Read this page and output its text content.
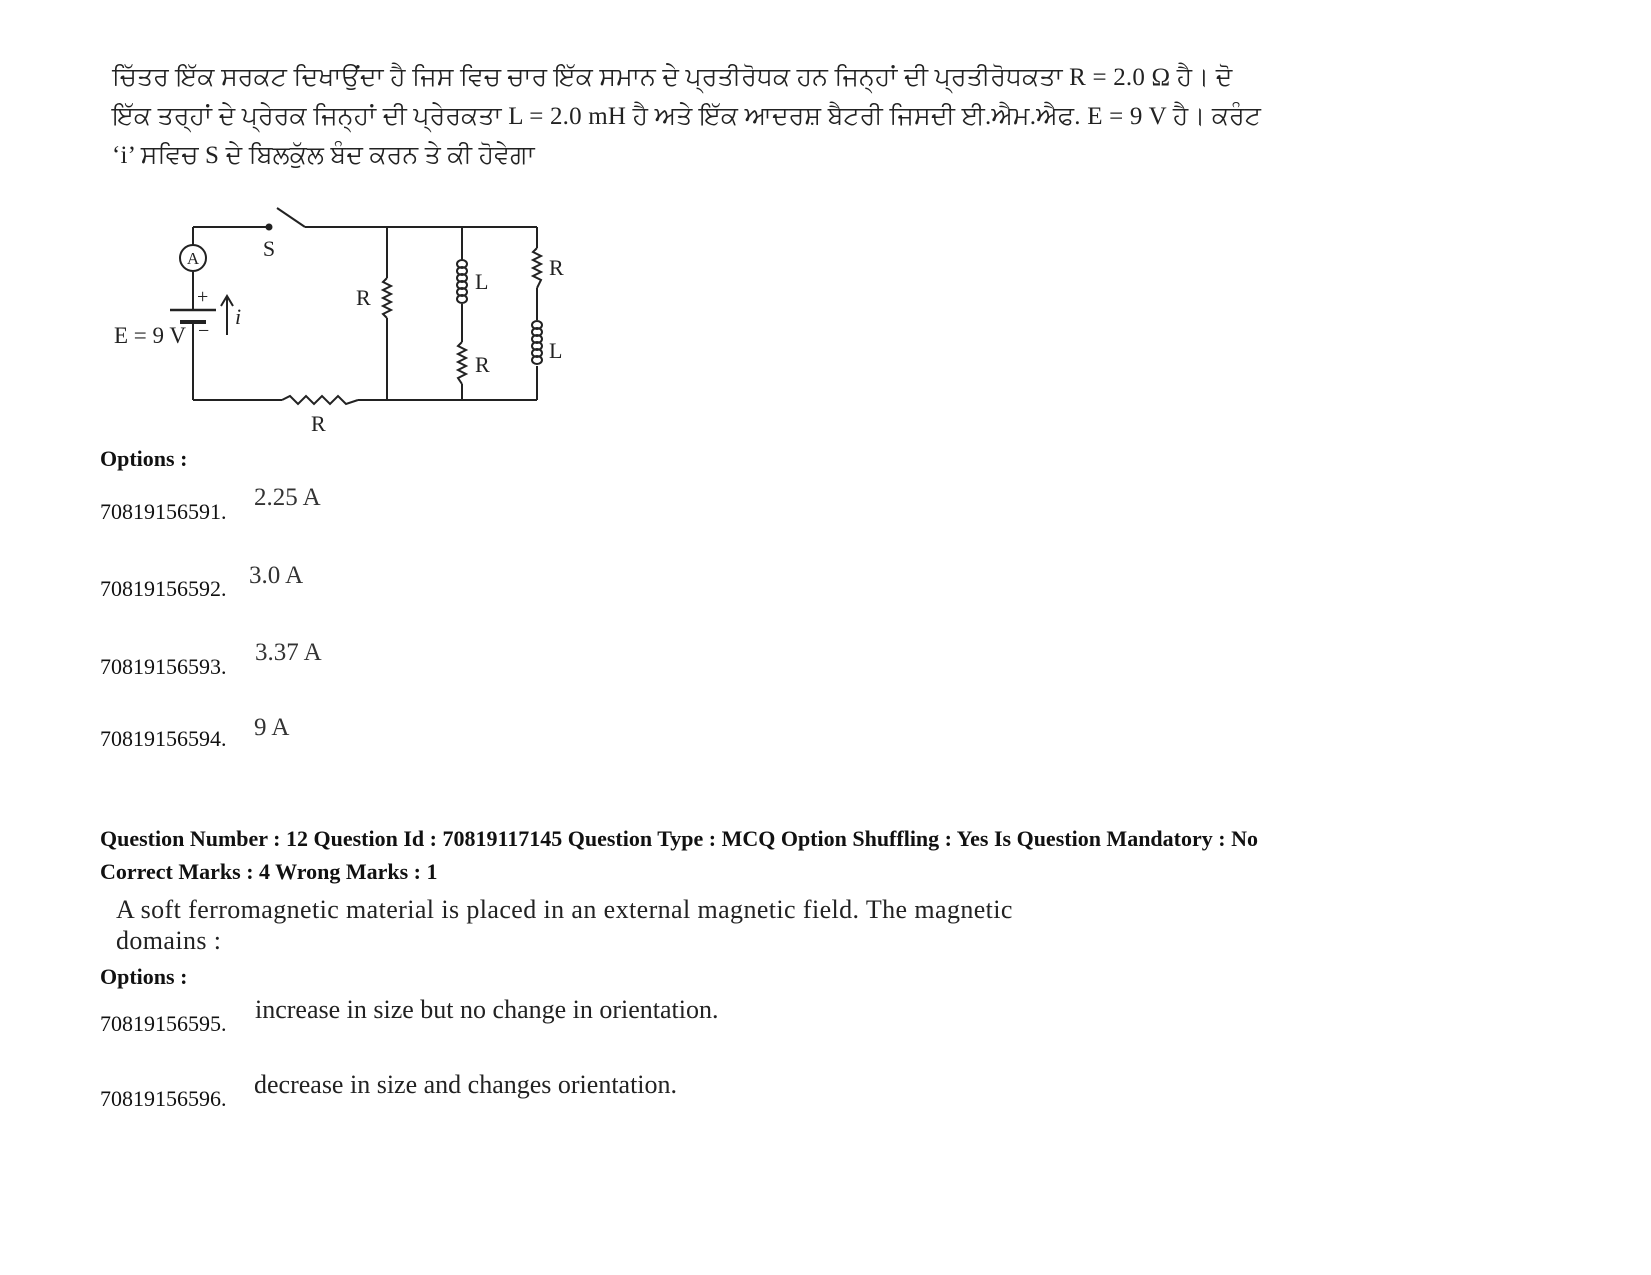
ਚਿੱਤਰ ਇੱਕ ਸਰਕਟ ਦਿਖਾਉਂਦਾ ਹੈ ਜਿਸ ਵਿਚ ਚਾਰ ਇੱਕ ਸਮਾਨ ਦੇ ਪ੍ਰਤੀਰੋਧਕ ਹਨ ਜਿਨ੍ਹਾਂ ਦੀ ਪ੍ਰਤੀਰੋਧਕਤਾ R = 2.0 Ω ਹੈ। ਦੋ
ਇੱਕ ਤਰ੍ਹਾਂ ਦੇ ਪ੍ਰੇਰਕ ਜਿਨ੍ਹਾਂ ਦੀ ਪ੍ਰੇਰਕਤਾ L = 2.0 mH ਹੈ ਅਤੇ ਇੱਕ ਆਦਰਸ਼ ਬੈਟਰੀ ਜਿਸਦੀ ਈ.ਐਮ.ਐਫ. E = 9 V ਹੈ। ਕਰੰਟ
‘i’ ਸਵਿਚ S ਦੇ ਬਿਲਕੁੱਲ ਬੰਦ ਕਰਨ ਤੇ ਕੀ ਹੋਵੇਗਾ
A	S
+
−
E = 9 V
i
R
L
R
R
L
R
Options :
70819156591.
2.25 A
70819156592. 3.0 A
70819156593.
3.37 A
70819156594. 9 A
Question Number : 12 Question Id : 70819117145 Question Type : MCQ Option Shuffling : Yes Is Question Mandatory : No
Correct Marks : 4 Wrong Marks : 1
A soft ferromagnetic material is placed in an external magnetic field. The magnetic
domains :
Options :
70819156595. increase in size but no change in orientation.
70819156596. decrease in size and changes orientation.
